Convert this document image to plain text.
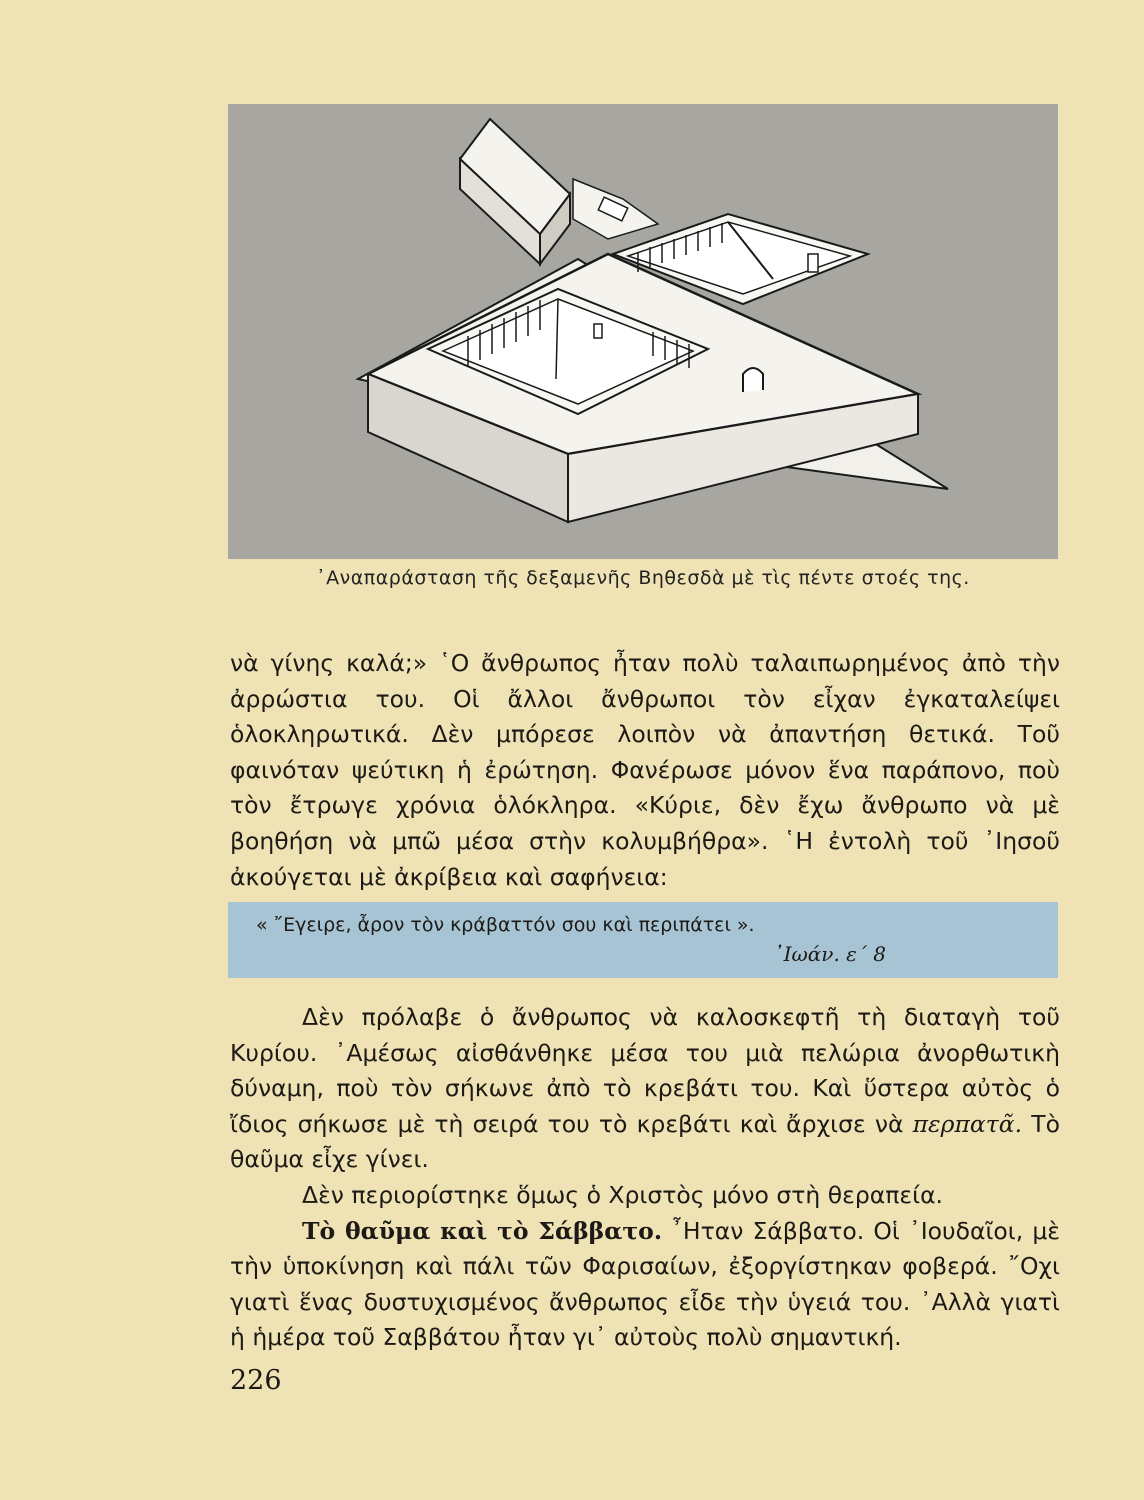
᾿Αναπαράσταση τῆς δεξαμενῆς Βηθεσδὰ μὲ τὶς πέντε στοές της.

νὰ γίνης καλά;» ῾Ο ἄνθρωπος ἦταν πολὺ ταλαιπωρημένος ἀπὸ τὴν ἀρρώστια του. Οἱ ἄλλοι ἄνθρωποι τὸν εἶχαν ἐγκαταλείψει ὁλοκληρωτικά. Δὲν μπόρεσε λοιπὸν νὰ ἀπαντήση θετικά. Τοῦ φαινόταν ψεύτικη ἡ ἐρώτηση. Φανέρωσε μόνον ἕνα παράπονο, ποὺ τὸν ἔτρωγε χρόνια ὁλόκληρα. «Κύριε, δὲν ἔχω ἄνθρωπο νὰ μὲ βοηθήση νὰ μπῶ μέσα στὴν κολυμβήθρα». ῾Η ἐντολὴ τοῦ ᾿Ιησοῦ ἀκούγεται μὲ ἀκρίβεια καὶ σαφήνεια:

« ῎Εγειρε, ἆρον τὸν κράβαττόν σου καὶ περιπάτει ».
᾿Ιωάν. ε΄ 8

Δὲν πρόλαβε ὁ ἄνθρωπος νὰ καλοσκεφτῆ τὴ διαταγὴ τοῦ Κυρίου. ᾿Αμέσως αἰσθάνθηκε μέσα του μιὰ πελώρια ἀνορθωτικὴ δύναμη, ποὺ τὸν σήκωνε ἀπὸ τὸ κρεβάτι του. Καὶ ὕστερα αὐτὸς ὁ ἴδιος σήκωσε μὲ τὴ σειρά του τὸ κρεβάτι καὶ ἄρχισε νὰ περπατᾶ. Τὸ θαῦμα εἶχε γίνει.

Δὲν περιορίστηκε ὅμως ὁ Χριστὸς μόνο στὴ θεραπεία.

Τὸ θαῦμα καὶ τὸ Σάββατο. ῏Ηταν Σάββατο. Οἱ ᾿Ιουδαῖοι, μὲ τὴν ὑποκίνηση καὶ πάλι τῶν Φαρισαίων, ἐξοργίστηκαν φοβερά. ῎Οχι γιατὶ ἕνας δυστυχισμένος ἄνθρωπος εἶδε τὴν ὑγειά του. ᾿Αλλὰ γιατὶ ἡ ἡμέρα τοῦ Σαββάτου ἦταν γι᾿ αὐτοὺς πολὺ σημαντική.

226
